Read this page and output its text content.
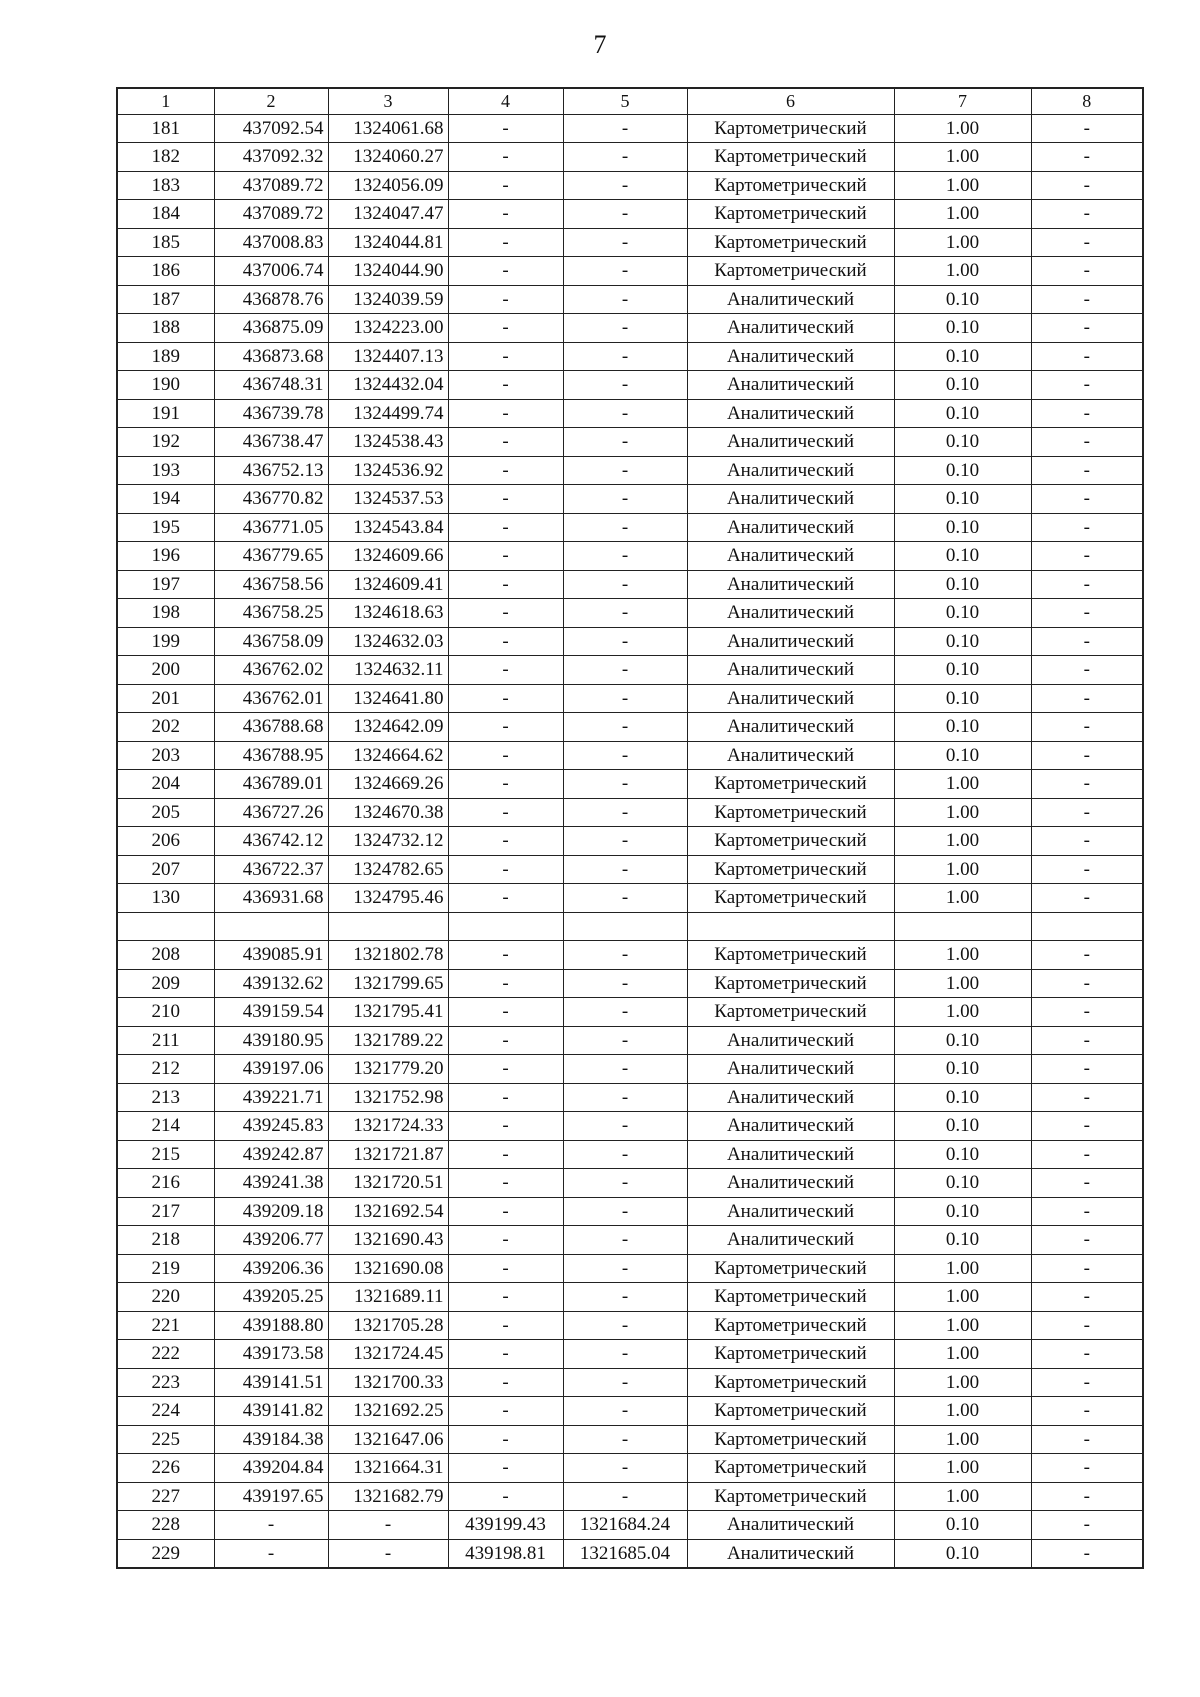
7
1	2	3	4	5	6	7	8
181	437092.54	1324061.68	-	-	Картометрический	1.00	-
182	437092.32	1324060.27	-	-	Картометрический	1.00	-
183	437089.72	1324056.09	-	-	Картометрический	1.00	-
184	437089.72	1324047.47	-	-	Картометрический	1.00	-
185	437008.83	1324044.81	-	-	Картометрический	1.00	-
186	437006.74	1324044.90	-	-	Картометрический	1.00	-
187	436878.76	1324039.59	-	-	Аналитический	0.10	-
188	436875.09	1324223.00	-	-	Аналитический	0.10	-
189	436873.68	1324407.13	-	-	Аналитический	0.10	-
190	436748.31	1324432.04	-	-	Аналитический	0.10	-
191	436739.78	1324499.74	-	-	Аналитический	0.10	-
192	436738.47	1324538.43	-	-	Аналитический	0.10	-
193	436752.13	1324536.92	-	-	Аналитический	0.10	-
194	436770.82	1324537.53	-	-	Аналитический	0.10	-
195	436771.05	1324543.84	-	-	Аналитический	0.10	-
196	436779.65	1324609.66	-	-	Аналитический	0.10	-
197	436758.56	1324609.41	-	-	Аналитический	0.10	-
198	436758.25	1324618.63	-	-	Аналитический	0.10	-
199	436758.09	1324632.03	-	-	Аналитический	0.10	-
200	436762.02	1324632.11	-	-	Аналитический	0.10	-
201	436762.01	1324641.80	-	-	Аналитический	0.10	-
202	436788.68	1324642.09	-	-	Аналитический	0.10	-
203	436788.95	1324664.62	-	-	Аналитический	0.10	-
204	436789.01	1324669.26	-	-	Картометрический	1.00	-
205	436727.26	1324670.38	-	-	Картометрический	1.00	-
206	436742.12	1324732.12	-	-	Картометрический	1.00	-
207	436722.37	1324782.65	-	-	Картометрический	1.00	-
130	436931.68	1324795.46	-	-	Картометрический	1.00	-

208	439085.91	1321802.78	-	-	Картометрический	1.00	-
209	439132.62	1321799.65	-	-	Картометрический	1.00	-
210	439159.54	1321795.41	-	-	Картометрический	1.00	-
211	439180.95	1321789.22	-	-	Аналитический	0.10	-
212	439197.06	1321779.20	-	-	Аналитический	0.10	-
213	439221.71	1321752.98	-	-	Аналитический	0.10	-
214	439245.83	1321724.33	-	-	Аналитический	0.10	-
215	439242.87	1321721.87	-	-	Аналитический	0.10	-
216	439241.38	1321720.51	-	-	Аналитический	0.10	-
217	439209.18	1321692.54	-	-	Аналитический	0.10	-
218	439206.77	1321690.43	-	-	Аналитический	0.10	-
219	439206.36	1321690.08	-	-	Картометрический	1.00	-
220	439205.25	1321689.11	-	-	Картометрический	1.00	-
221	439188.80	1321705.28	-	-	Картометрический	1.00	-
222	439173.58	1321724.45	-	-	Картометрический	1.00	-
223	439141.51	1321700.33	-	-	Картометрический	1.00	-
224	439141.82	1321692.25	-	-	Картометрический	1.00	-
225	439184.38	1321647.06	-	-	Картометрический	1.00	-
226	439204.84	1321664.31	-	-	Картометрический	1.00	-
227	439197.65	1321682.79	-	-	Картометрический	1.00	-
228	-	-	439199.43	1321684.24	Аналитический	0.10	-
229	-	-	439198.81	1321685.04	Аналитический	0.10	-
